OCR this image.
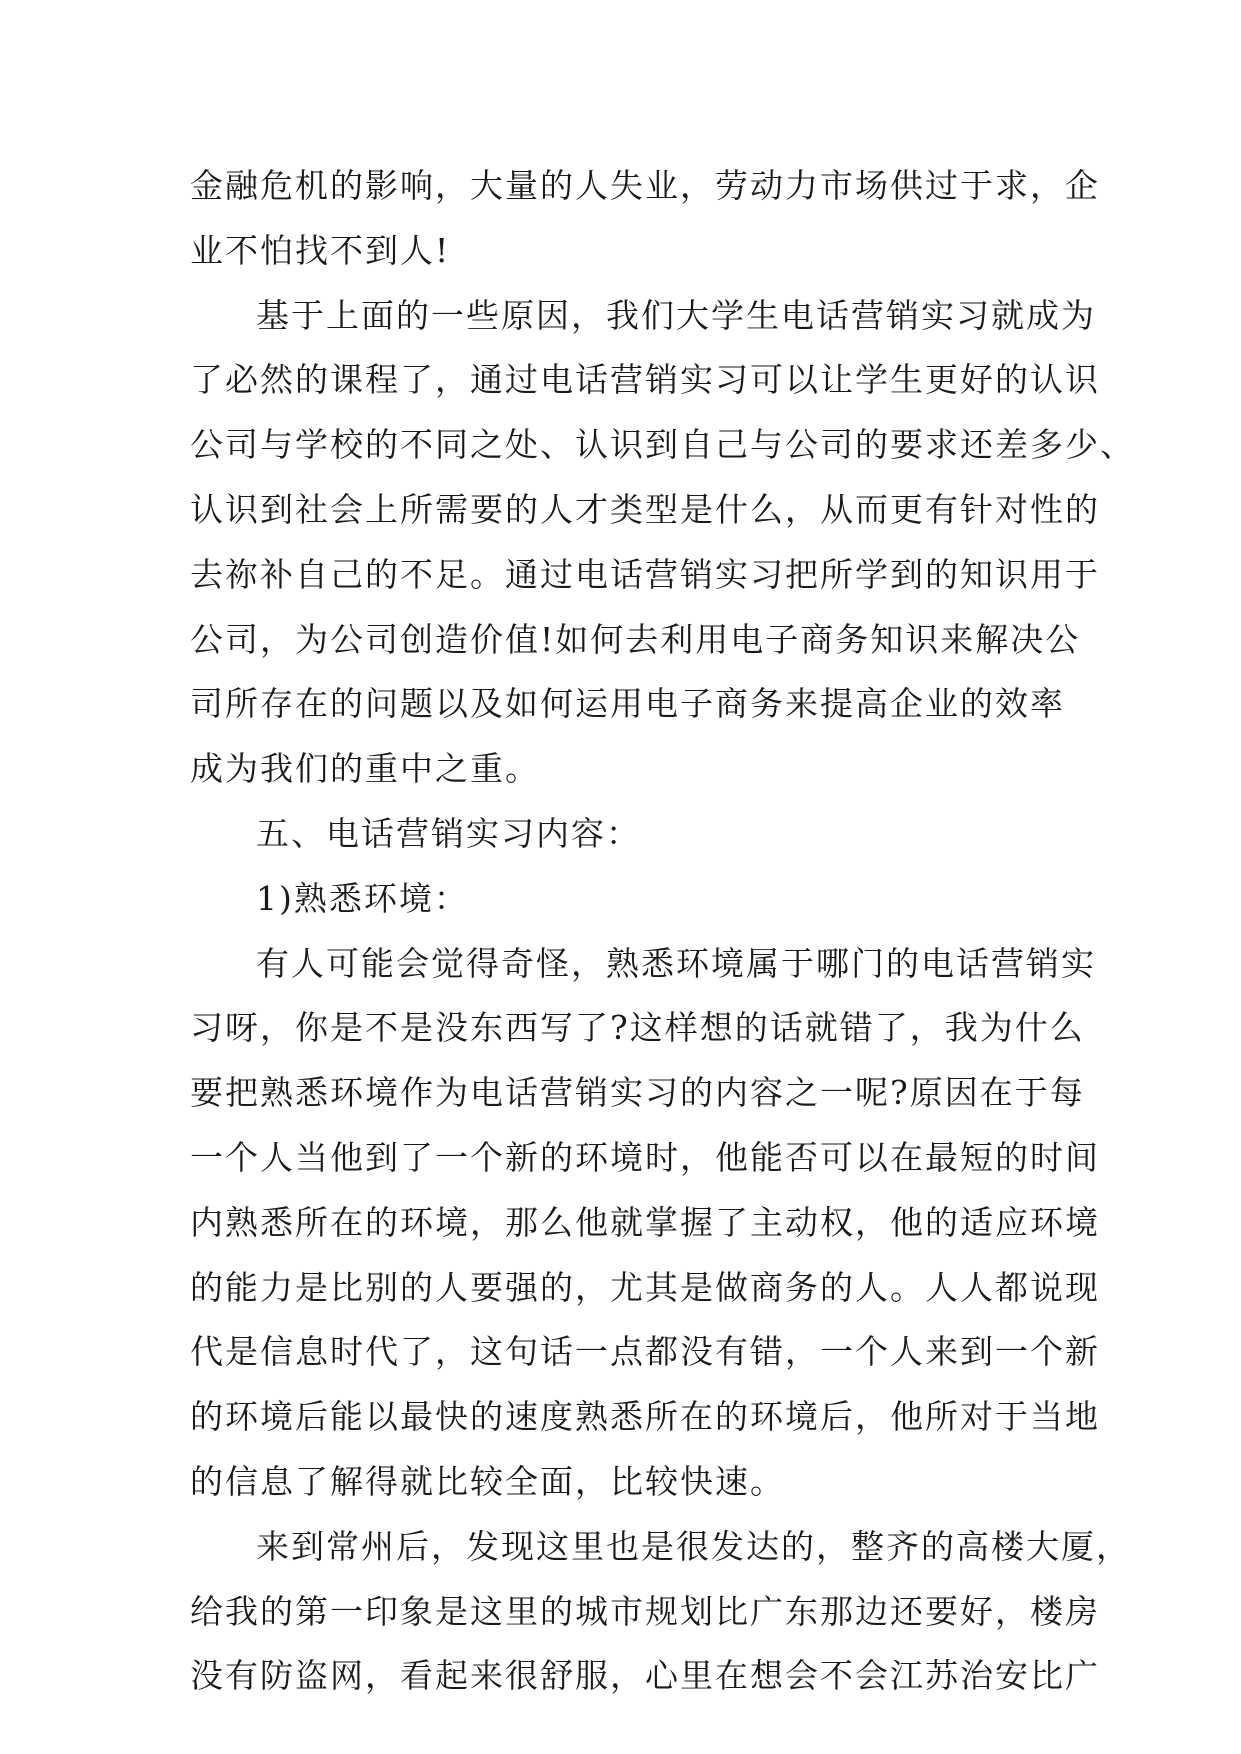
金融危机的影响，大量的人失业，劳动力市场供过于求，企
业不怕找不到人!
基于上面的一些原因，我们大学生电话营销实习就成为
了必然的课程了，通过电话营销实习可以让学生更好的认识
公司与学校的不同之处、认识到自己与公司的要求还差多少、
认识到社会上所需要的人才类型是什么，从而更有针对性的
去祢补自己的不足。通过电话营销实习把所学到的知识用于
公司，为公司创造价值!如何去利用电子商务知识来解决公
司所存在的问题以及如何运用电子商务来提高企业的效率
成为我们的重中之重。
五、电话营销实习内容：
1)熟悉环境：
有人可能会觉得奇怪，熟悉环境属于哪门的电话营销实
习呀，你是不是没东西写了?这样想的话就错了，我为什么
要把熟悉环境作为电话营销实习的内容之一呢?原因在于每
一个人当他到了一个新的环境时，他能否可以在最短的时间
内熟悉所在的环境，那么他就掌握了主动权，他的适应环境
的能力是比别的人要强的，尤其是做商务的人。人人都说现
代是信息时代了，这句话一点都没有错，一个人来到一个新
的环境后能以最快的速度熟悉所在的环境后，他所对于当地
的信息了解得就比较全面，比较快速。
来到常州后，发现这里也是很发达的，整齐的高楼大厦，
给我的第一印象是这里的城市规划比广东那边还要好，楼房
没有防盗网，看起来很舒服，心里在想会不会江苏治安比广
